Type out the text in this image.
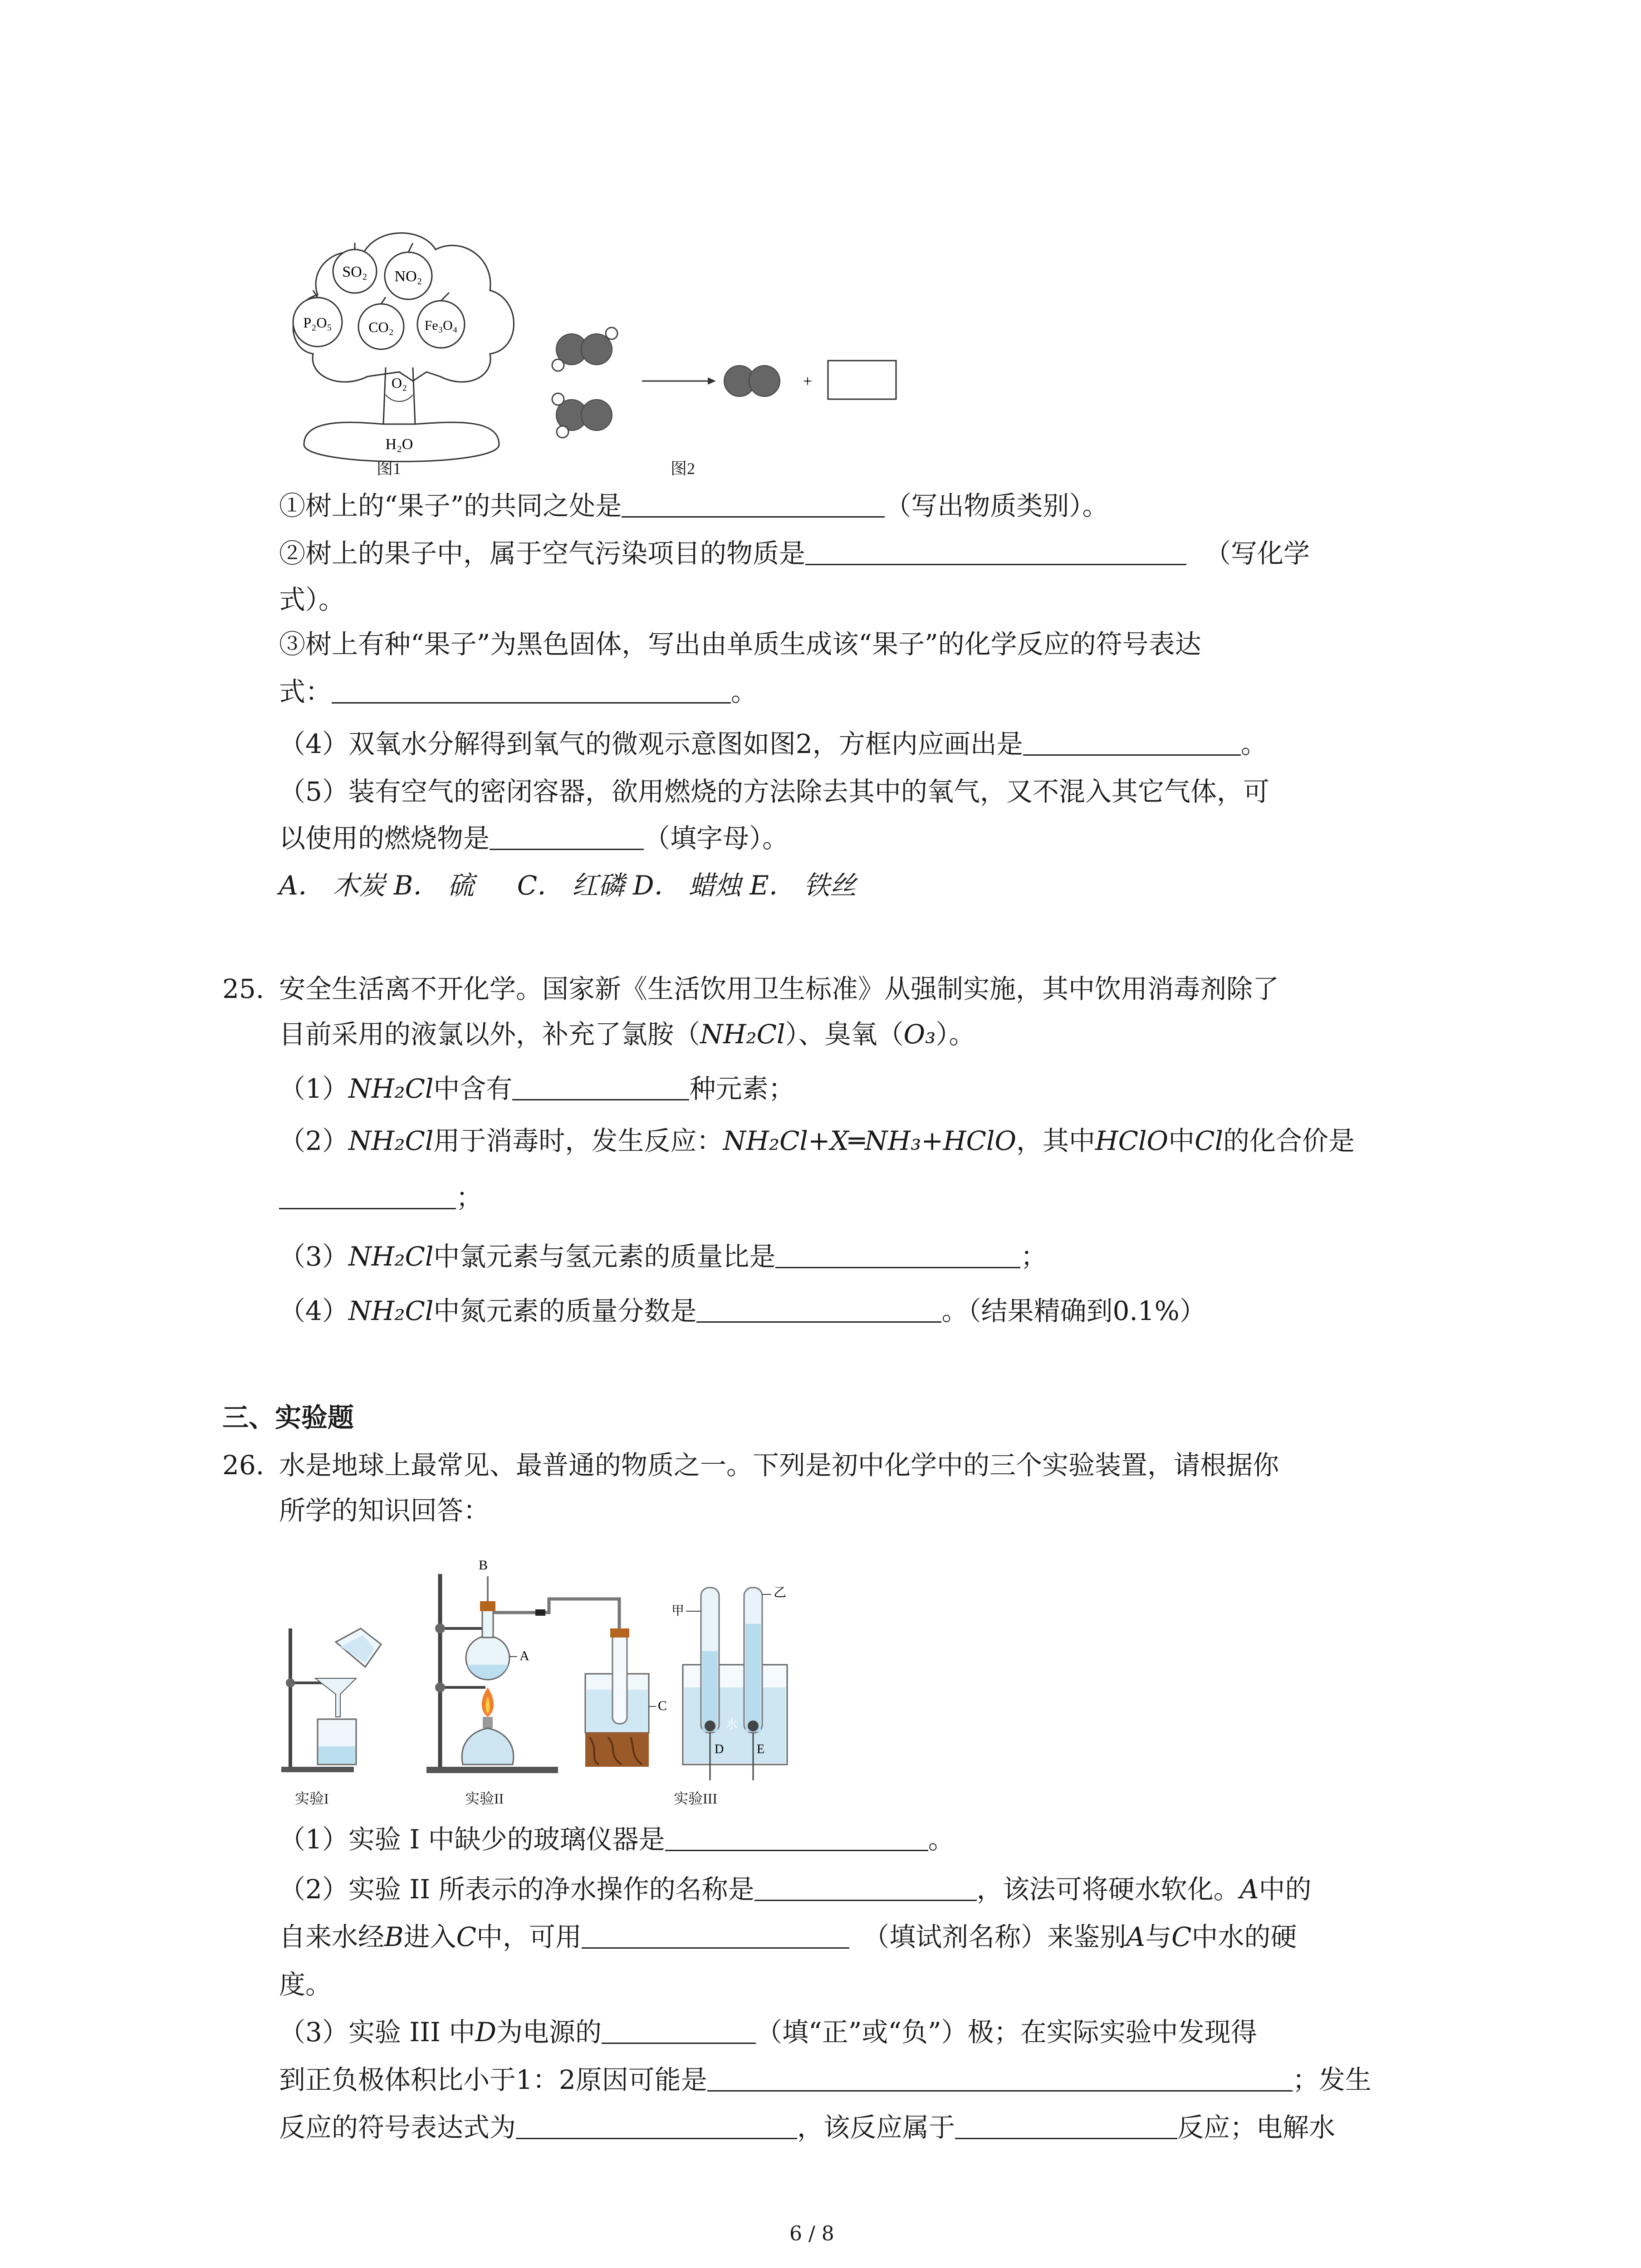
SO₂ NO₂
P₂O₅	CO₂ Fe₃O₄
O₂
H₂O
图1
+
图2
①树上的“果子”的共同之处是	（写出物质类别）。
②树上的果子中，属于空气污染项目的物质是	（写化学
式）。
③树上有种“果子”为黑色固体，写出由单质生成该“果子”的化学反应的符号表达
式：	。
（4）双氧水分解得到氧气的微观示意图如图2，方框内应画出是	。
（5）装有空气的密闭容器，欲用燃烧的方法除去其中的氧气，又不混入其它气体，可
以使用的燃烧物是	（填字母）。
A． 木炭 B． 硫 　 C． 红磷 D． 蜡烛 E． 铁丝
25. 安全生活离不开化学。国家新《生活饮用卫生标准》从强制实施，其中饮用消毒剂除了
目前采用的液氯以外，补充了氯胺（NH₂Cl）、臭氧（O₃）。
（1）NH₂Cl中含有	种元素；
（2）NH₂Cl用于消毒时，发生反应：NH₂Cl+X═NH₃+HClO，其中HClO中Cl的化合价是
；
（3）NH₂Cl中氯元素与氢元素的质量比是	；
（4）NH₂Cl中氮元素的质量分数是	。（结果精确到0.1%）
三、实验题
26. 水是地球上最常见、最普通的物质之一。下列是初中化学中的三个实验装置，请根据你
所学的知识回答：
B
A
C
甲
乙
水
D	E
实验I	实验II	实验III
（1）实验 I 中缺少的玻璃仪器是	。
（2）实验 II 所表示的净水操作的名称是	，该法可将硬水软化。A中的
自来水经B进入C中，可用	（填试剂名称）来鉴别A与C中水的硬
度。
（3）实验 III 中D为电源的	（填“正”或“负”）极；在实际实验中发现得
到正负极体积比小于1：2原因可能是	；发生
反应的符号表达式为	，该反应属于	反应；电解水
6 / 8
